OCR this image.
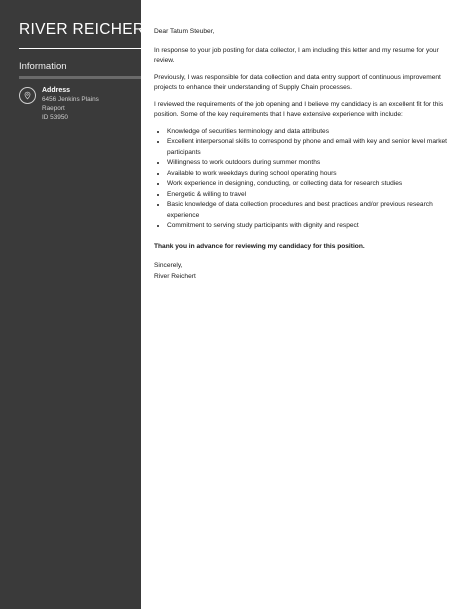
RIVER REICHERT
Information
Address
6456 Jenkins Plains
Raeport
ID 53950

Dear Tatum Steuber,

In response to your job posting for data collector, I am including this letter and my resume for your review.

Previously, I was responsible for data collection and data entry support of continuous improvement projects to enhance their understanding of Supply Chain processes.

I reviewed the requirements of the job opening and I believe my candidacy is an excellent fit for this position. Some of the key requirements that I have extensive experience with include:

• Knowledge of securities terminology and data attributes
• Excellent interpersonal skills to correspond by phone and email with key and senior level market participants
• Willingness to work outdoors during summer months
• Available to work weekdays during school operating hours
• Work experience in designing, conducting, or collecting data for research studies
• Energetic & willing to travel
• Basic knowledge of data collection procedures and best practices and/or previous research experience
• Commitment to serving study participants with dignity and respect

Thank you in advance for reviewing my candidacy for this position.

Sincerely,

River Reichert
